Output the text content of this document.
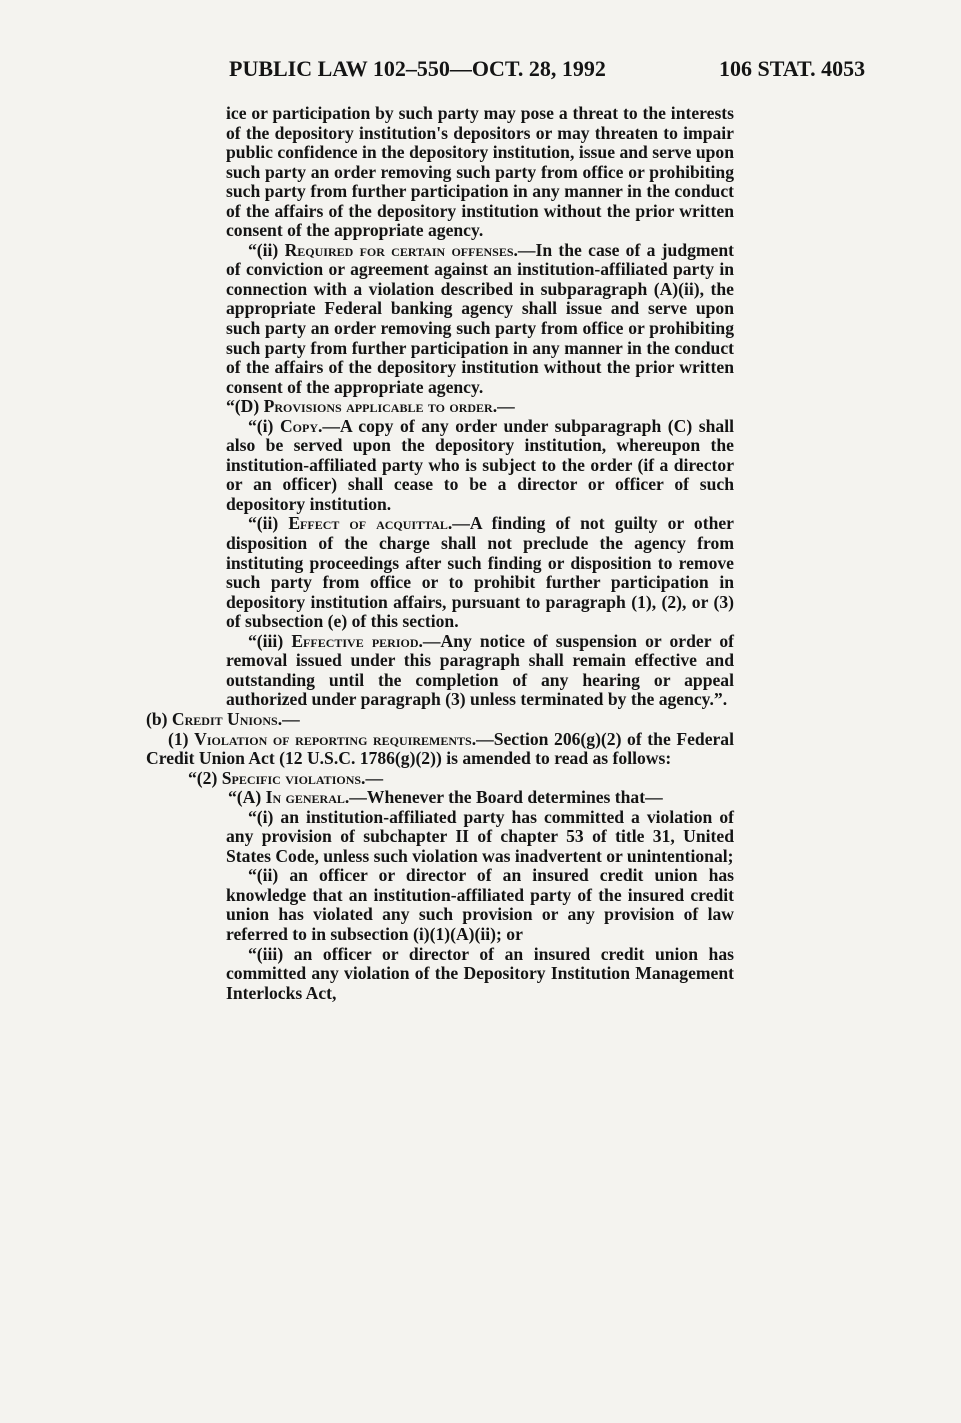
PUBLIC LAW 102–550—OCT. 28, 1992	106 STAT. 4053

ice or participation by such party may pose a threat to the interests of the depository institution's depositors or may threaten to impair public confidence in the depository institution, issue and serve upon such party an order removing such party from office or prohibiting such party from further participation in any manner in the conduct of the affairs of the depository institution without the prior written consent of the appropriate agency.

“(ii) Required for certain offenses.—In the case of a judgment of conviction or agreement against an institution-affiliated party in connection with a violation described in subparagraph (A)(ii), the appropriate Federal banking agency shall issue and serve upon such party an order removing such party from office or prohibiting such party from further participation in any manner in the conduct of the affairs of the depository institution without the prior written consent of the appropriate agency.

“(D) Provisions applicable to order.—

“(i) Copy.—A copy of any order under subparagraph (C) shall also be served upon the depository institution, whereupon the institution-affiliated party who is subject to the order (if a director or an officer) shall cease to be a director or officer of such depository institution.

“(ii) Effect of acquittal.—A finding of not guilty or other disposition of the charge shall not preclude the agency from instituting proceedings after such finding or disposition to remove such party from office or to prohibit further participation in depository institution affairs, pursuant to paragraph (1), (2), or (3) of subsection (e) of this section.

“(iii) Effective period.—Any notice of suspension or order of removal issued under this paragraph shall remain effective and outstanding until the completion of any hearing or appeal authorized under paragraph (3) unless terminated by the agency.”.

(b) Credit Unions.—

(1) Violation of reporting requirements.—Section 206(g)(2) of the Federal Credit Union Act (12 U.S.C. 1786(g)(2)) is amended to read as follows:

“(2) Specific violations.—

“(A) In general.—Whenever the Board determines that—

“(i) an institution-affiliated party has committed a violation of any provision of subchapter II of chapter 53 of title 31, United States Code, unless such violation was inadvertent or unintentional;

“(ii) an officer or director of an insured credit union has knowledge that an institution-affiliated party of the insured credit union has violated any such provision or any provision of law referred to in subsection (i)(1)(A)(ii); or

“(iii) an officer or director of an insured credit union has committed any violation of the Depository Institution Management Interlocks Act,
